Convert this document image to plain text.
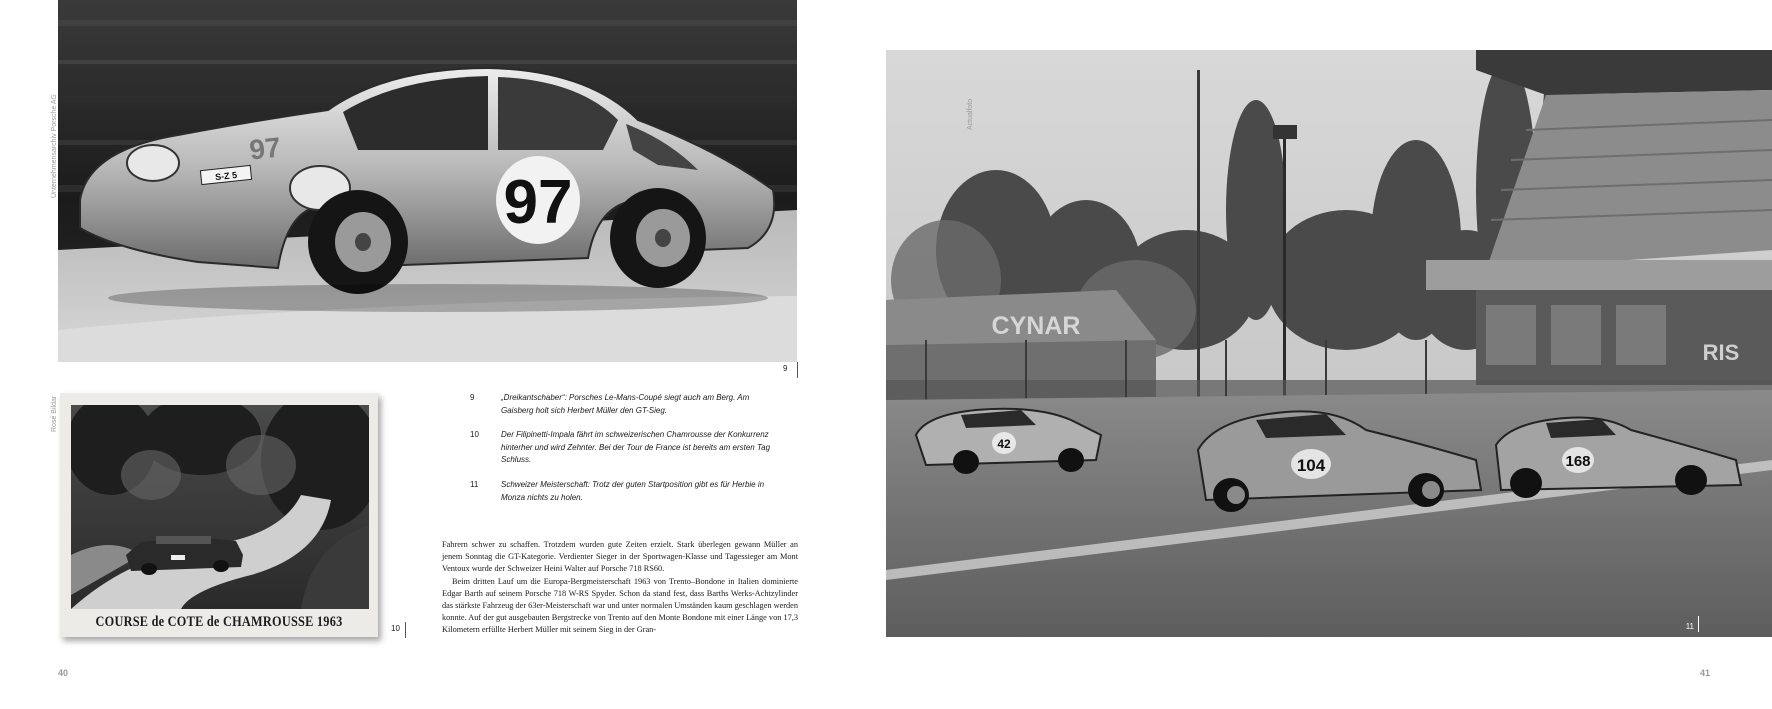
97
97
S-Z 5
Unternehmensarchiv Porsche AG
9
Rosé Bildar
COURSE de COTE de CHAMROUSSE 1963	10
9	„Dreikantschaber“: Porsches Le-Mans-Coupé siegt auch am Berg. Am Gaisberg holt sich Herbert Müller den GT-Sieg.
10	Der Filipinetti-Impala fährt im schweizerischen Chamrousse der Konkurrenz hinterher und wird Zehnter. Bei der Tour de France ist bereits am ersten Tag Schluss.
11	Schweizer Meisterschaft: Trotz der guten Startposition gibt es für Herbie in Monza nichts zu holen.

Fahrern schwer zu schaffen. Trotzdem wurden gute Zeiten erzielt. Stark überlegen gewann Müller an jenem Sonntag die GT-Kategorie. Verdienter Sieger in der Sportwagen-Klasse und Tagessieger am Mont Ventoux wurde der Schweizer Heini Walter auf Porsche 718 RS60.

Beim dritten Lauf um die Europa-Bergmeisterschaft 1963 von Trento–Bondone in Italien dominierte Edgar Barth auf seinem Porsche 718 W-RS Spyder. Schon da stand fest, dass Barths Werks-Achtzylinder das stärkste Fahrzeug der 63er-Meisterschaft war und unter normalen Umständen kaum geschlagen werden konnte. Auf der gut ausgebauten Bergstrecke von Trento auf den Monte Bondone mit einer Länge von 17,3 Kilometern erfüllte Herbert Müller mit seinem Sieg in der Gran-

40
CYNAR
RIS
42
104	168
11
Actualfoto
41
